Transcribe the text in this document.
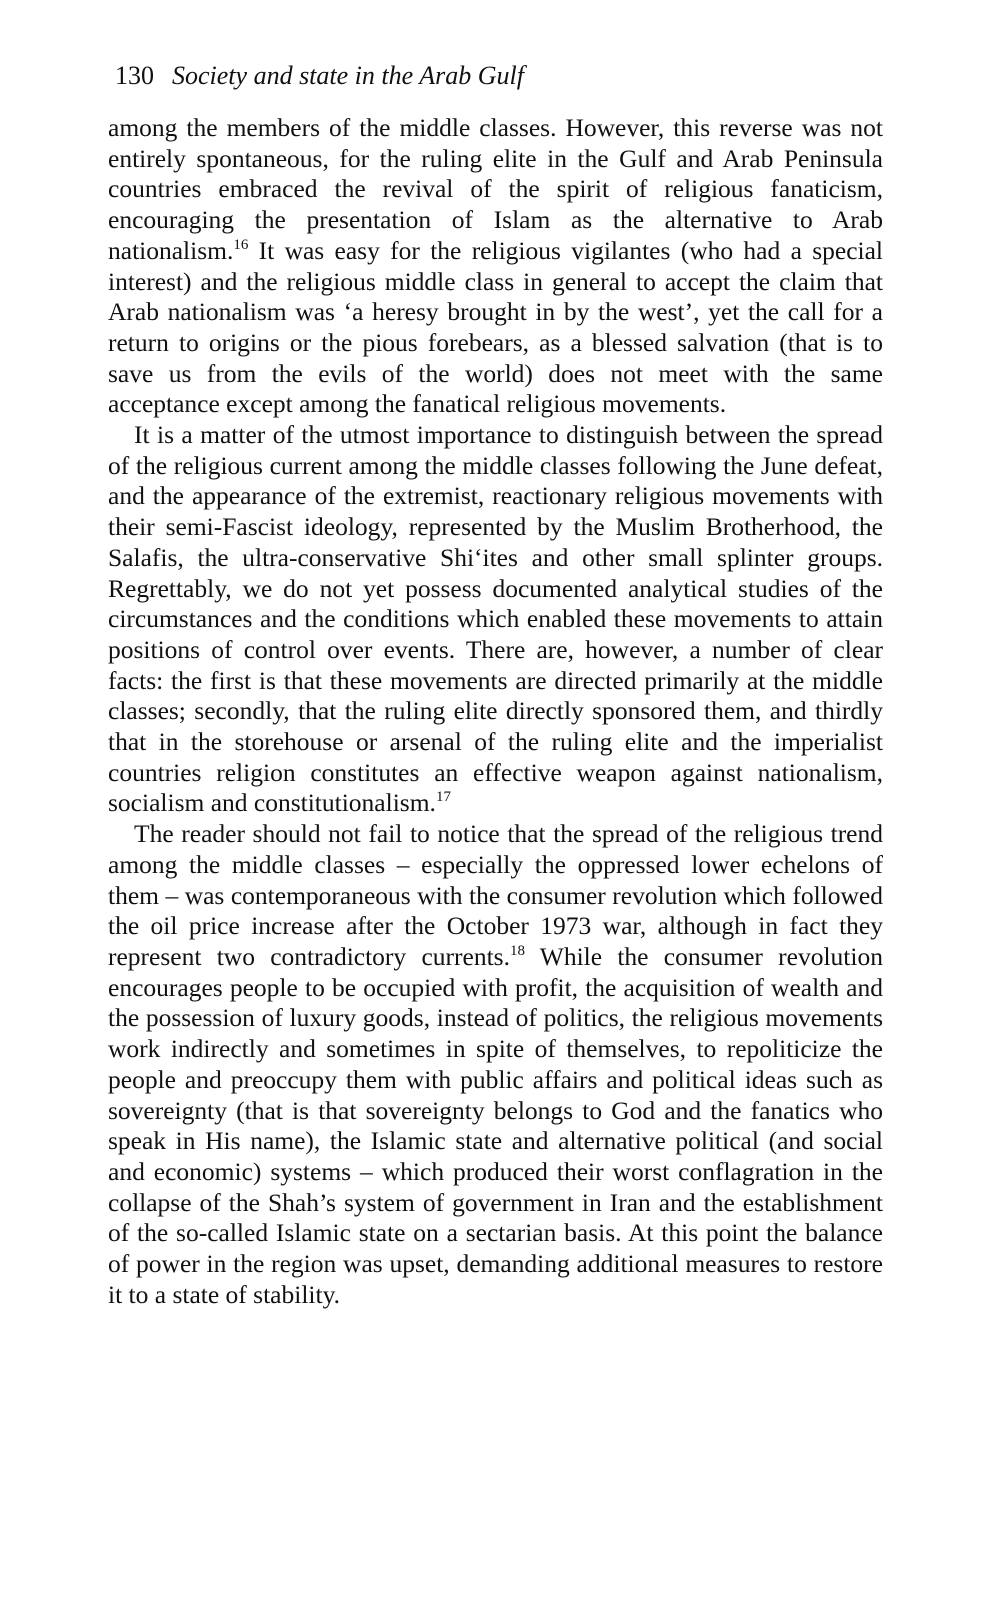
130 Society and state in the Arab Gulf

among the members of the middle classes. However, this reverse was not entirely spontaneous, for the ruling elite in the Gulf and Arab Peninsula countries embraced the revival of the spirit of religious fanaticism, encouraging the presentation of Islam as the alternative to Arab nationalism.$^{16}$ It was easy for the religious vigilantes (who had a special interest) and the religious middle class in general to accept the claim that Arab nationalism was ‘a heresy brought in by the west’, yet the call for a return to origins or the pious forebears, as a blessed salvation (that is to save us from the evils of the world) does not meet with the same acceptance except among the fanatical religious movements.

It is a matter of the utmost importance to distinguish between the spread of the religious current among the middle classes following the June defeat, and the appearance of the extremist, reactionary religious movements with their semi-Fascist ideology, represented by the Muslim Brotherhood, the Salafis, the ultra-conservative Shi‘ites and other small splinter groups. Regrettably, we do not yet possess documented analytical studies of the circumstances and the conditions which enabled these movements to attain positions of control over events. There are, however, a number of clear facts: the first is that these movements are directed primarily at the middle classes; secondly, that the ruling elite directly sponsored them, and thirdly that in the storehouse or arsenal of the ruling elite and the imperialist countries religion constitutes an effective weapon against nationalism, socialism and constitutionalism.$^{17}$

The reader should not fail to notice that the spread of the religious trend among the middle classes – especially the oppressed lower echelons of them – was contemporaneous with the consumer revolution which followed the oil price increase after the October 1973 war, although in fact they represent two contradictory currents.$^{18}$ While the consumer revolution encourages people to be occupied with profit, the acquisition of wealth and the possession of luxury goods, instead of politics, the religious movements work indirectly and sometimes in spite of themselves, to repoliticize the people and preoccupy them with public affairs and political ideas such as sovereignty (that is that sovereignty belongs to God and the fanatics who speak in His name), the Islamic state and alternative political (and social and economic) systems – which produced their worst conflagration in the collapse of the Shah’s system of government in Iran and the establishment of the so-called Islamic state on a sectarian basis. At this point the balance of power in the region was upset, demanding additional measures to restore it to a state of stability.
